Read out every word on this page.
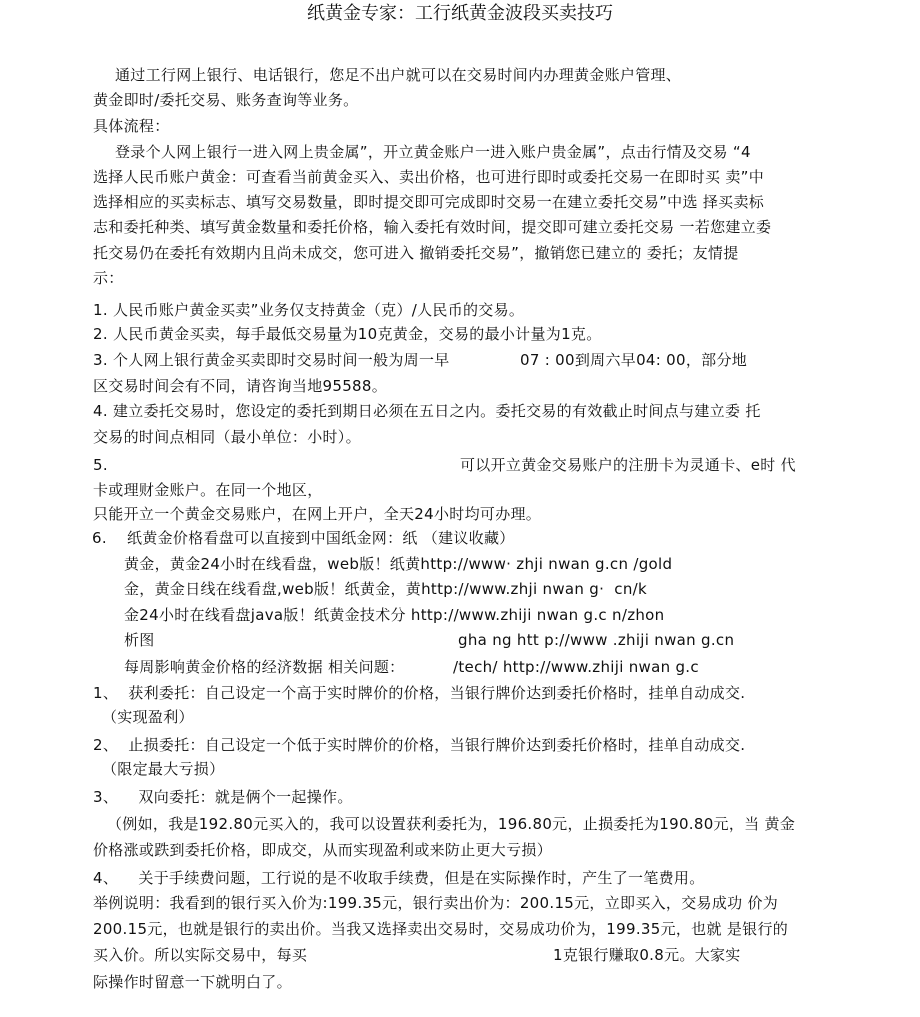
纸黄金专家：工行纸黄金波段买卖技巧
通过工行网上银行、电话银行，您足不出户就可以在交易时间内办理黄金账户管理、
黄金即时/委托交易、账务查询等业务。
具体流程：
登录个人网上银行一进入网上贵金属”，开立黄金账户一进入账户贵金属”，点击行情及交易 “4
选择人民币账户黄金：可查看当前黄金买入、卖出价格，也可进行即时或委托交易一在即时买 卖”中
选择相应的买卖标志、填写交易数量，即时提交即可完成即时交易一在建立委托交易”中选 择买卖标
志和委托种类、填写黄金数量和委托价格，输入委托有效时间，提交即可建立委托交易 一若您建立委
托交易仍在委托有效期内且尚未成交，您可进入 撤销委托交易”，撤销您已建立的 委托；友情提
示：
1. 人民币账户黄金买卖”业务仅支持黄金（克）/人民币的交易。
2. 人民币黄金买卖，每手最低交易量为10克黄金，交易的最小计量为1克。
3. 个人网上银行黄金买卖即时交易时间一般为周一早	07 : 00到周六早04: 00，部分地
区交易时间会有不同，请咨询当地95588。
4. 建立委托交易时，您设定的委托到期日必须在五日之内。委托交易的有效截止时间点与建立委 托
交易的时间点相同（最小单位：小时）。
5.	可以开立黄金交易账户的注册卡为灵通卡、e时 代
卡或理财金账户。在同一个地区，
只能开立一个黄金交易账户，在网上开户，全天24小时均可办理。
6. 纸黄金价格看盘可以直接到中国纸金网：纸 （建议收藏）
黄金，黄金24小时在线看盘，web版！纸黄http://www· zhji nwan g.cn /gold
金，黄金日线在线看盘,web版！纸黄金，黄http://www.zhji nwan g·  cn/k
金24小时在线看盘java版！纸黄金技术分 http://www.zhiji nwan g.c n/zhon
析图	gha ng htt p://www .zhiji nwan g.cn
每周影响黄金价格的经济数据 相关问题：	/tech/ http://www.zhiji nwan g.c
1、  获利委托：自己设定一个高于实时牌价的价格，当银行牌价达到委托价格时，挂单自动成交.
（实现盈利）
2、  止损委托：自己设定一个低于实时牌价的价格，当银行牌价达到委托价格时，挂单自动成交.
（限定最大亏损）
3、    双向委托：就是俩个一起操作。
（例如，我是192.80元买入的，我可以设置获利委托为，196.80元，止损委托为190.80元，当 黄金
价格涨或跌到委托价格，即成交，从而实现盈利或来防止更大亏损）
4、    关于手续费问题，工行说的是不收取手续费，但是在实际操作时，产生了一笔费用。
举例说明：我看到的银行买入价为:199.35元，银行卖出价为：200.15元，立即买入，交易成功 价为
200.15元，也就是银行的卖出价。当我又选择卖出交易时，交易成功价为，199.35元，也就 是银行的
买入价。所以实际交易中，每买	1克银行赚取0.8元。大家实
际操作时留意一下就明白了。
